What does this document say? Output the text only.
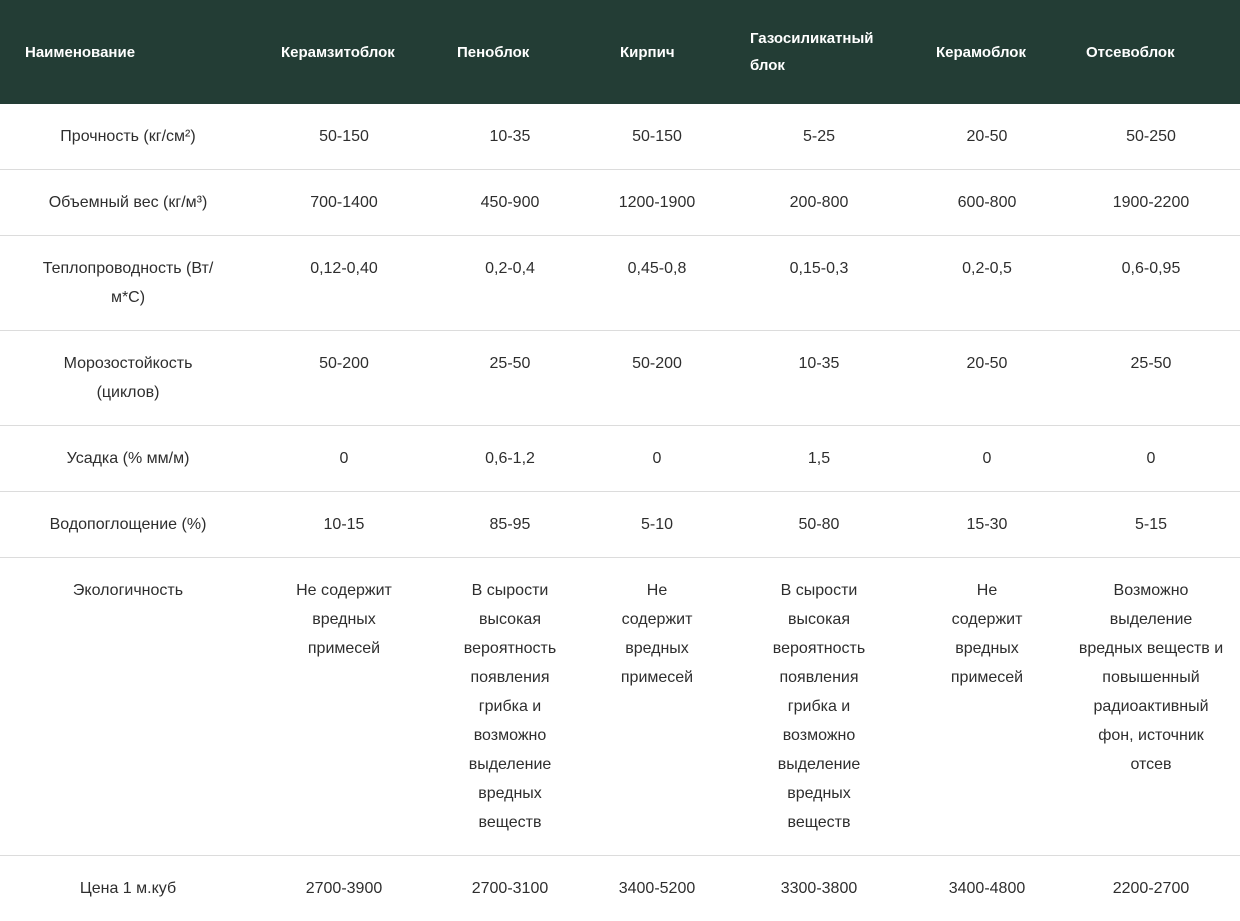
Наименование	Керамзитоблок	Пеноблок	Кирпич	Газосиликатный блок	Керамоблок	Отсевоблок
Прочность (кг/см²)	50-150	10-35	50-150	5-25	20-50	50-250
Объемный вес (кг/м³)	700-1400	450-900	1200-1900	200-800	600-800	1900-2200
Теплопроводность (Вт/м*С)	0,12-0,40	0,2-0,4	0,45-0,8	0,15-0,3	0,2-0,5	0,6-0,95
Морозостойкость (циклов)	50-200	25-50	50-200	10-35	20-50	25-50
Усадка (% мм/м)	0	0,6-1,2	0	1,5	0	0
Водопоглощение (%)	10-15	85-95	5-10	50-80	15-30	5-15
Экологичность	Не содержит вредных примесей	В сырости высокая вероятность появления грибка и возможно выделение вредных веществ	Не содержит вредных примесей	В сырости высокая вероятность появления грибка и возможно выделение вредных веществ	Не содержит вредных примесей	Возможно выделение вредных веществ и повышенный радиоактивный фон, источник отсев
Цена 1 м.куб	2700-3900	2700-3100	3400-5200	3300-3800	3400-4800	2200-2700
